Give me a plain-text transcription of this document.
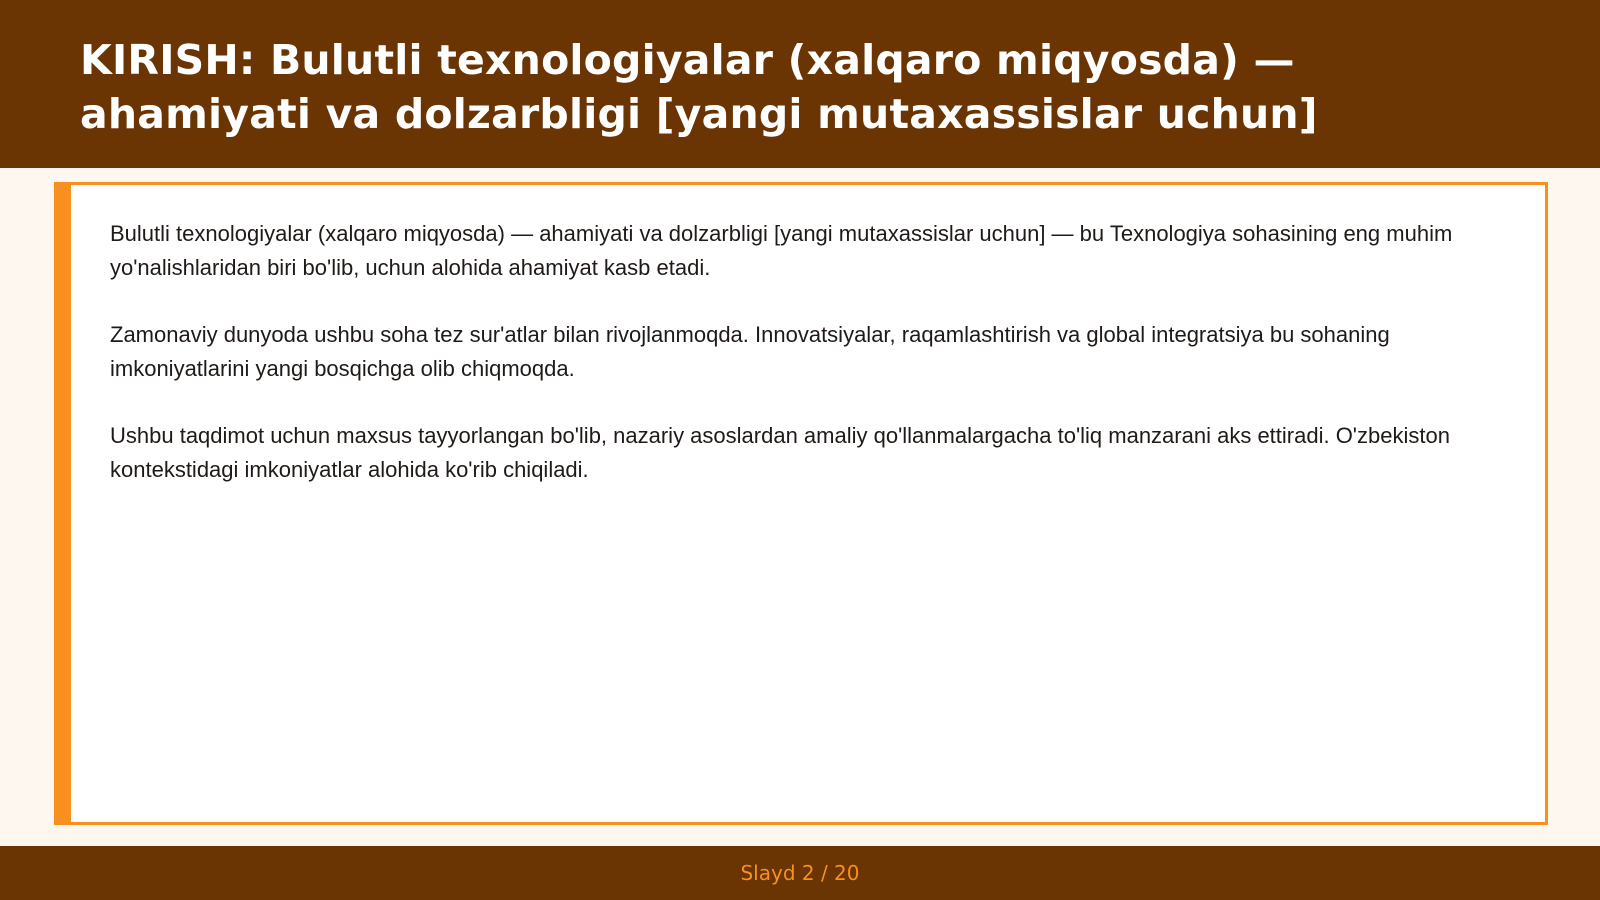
KIRISH: Bulutli texnologiyalar (xalqaro miqyosda) — ahamiyati va dolzarbligi [yangi mutaxassislar uchun]

Bulutli texnologiyalar (xalqaro miqyosda) — ahamiyati va dolzarbligi [yangi mutaxassislar uchun] — bu Texnologiya sohasining eng muhim yo'nalishlaridan biri bo'lib, uchun alohida ahamiyat kasb etadi.

Zamonaviy dunyoda ushbu soha tez sur'atlar bilan rivojlanmoqda. Innovatsiyalar, raqamlashtirish va global integratsiya bu sohaning imkoniyatlarini yangi bosqichga olib chiqmoqda.

Ushbu taqdimot uchun maxsus tayyorlangan bo'lib, nazariy asoslardan amaliy qo'llanmalargacha to'liq manzarani aks ettiradi. O'zbekiston kontekstidagi imkoniyatlar alohida ko'rib chiqiladi.

Slayd 2 / 20
